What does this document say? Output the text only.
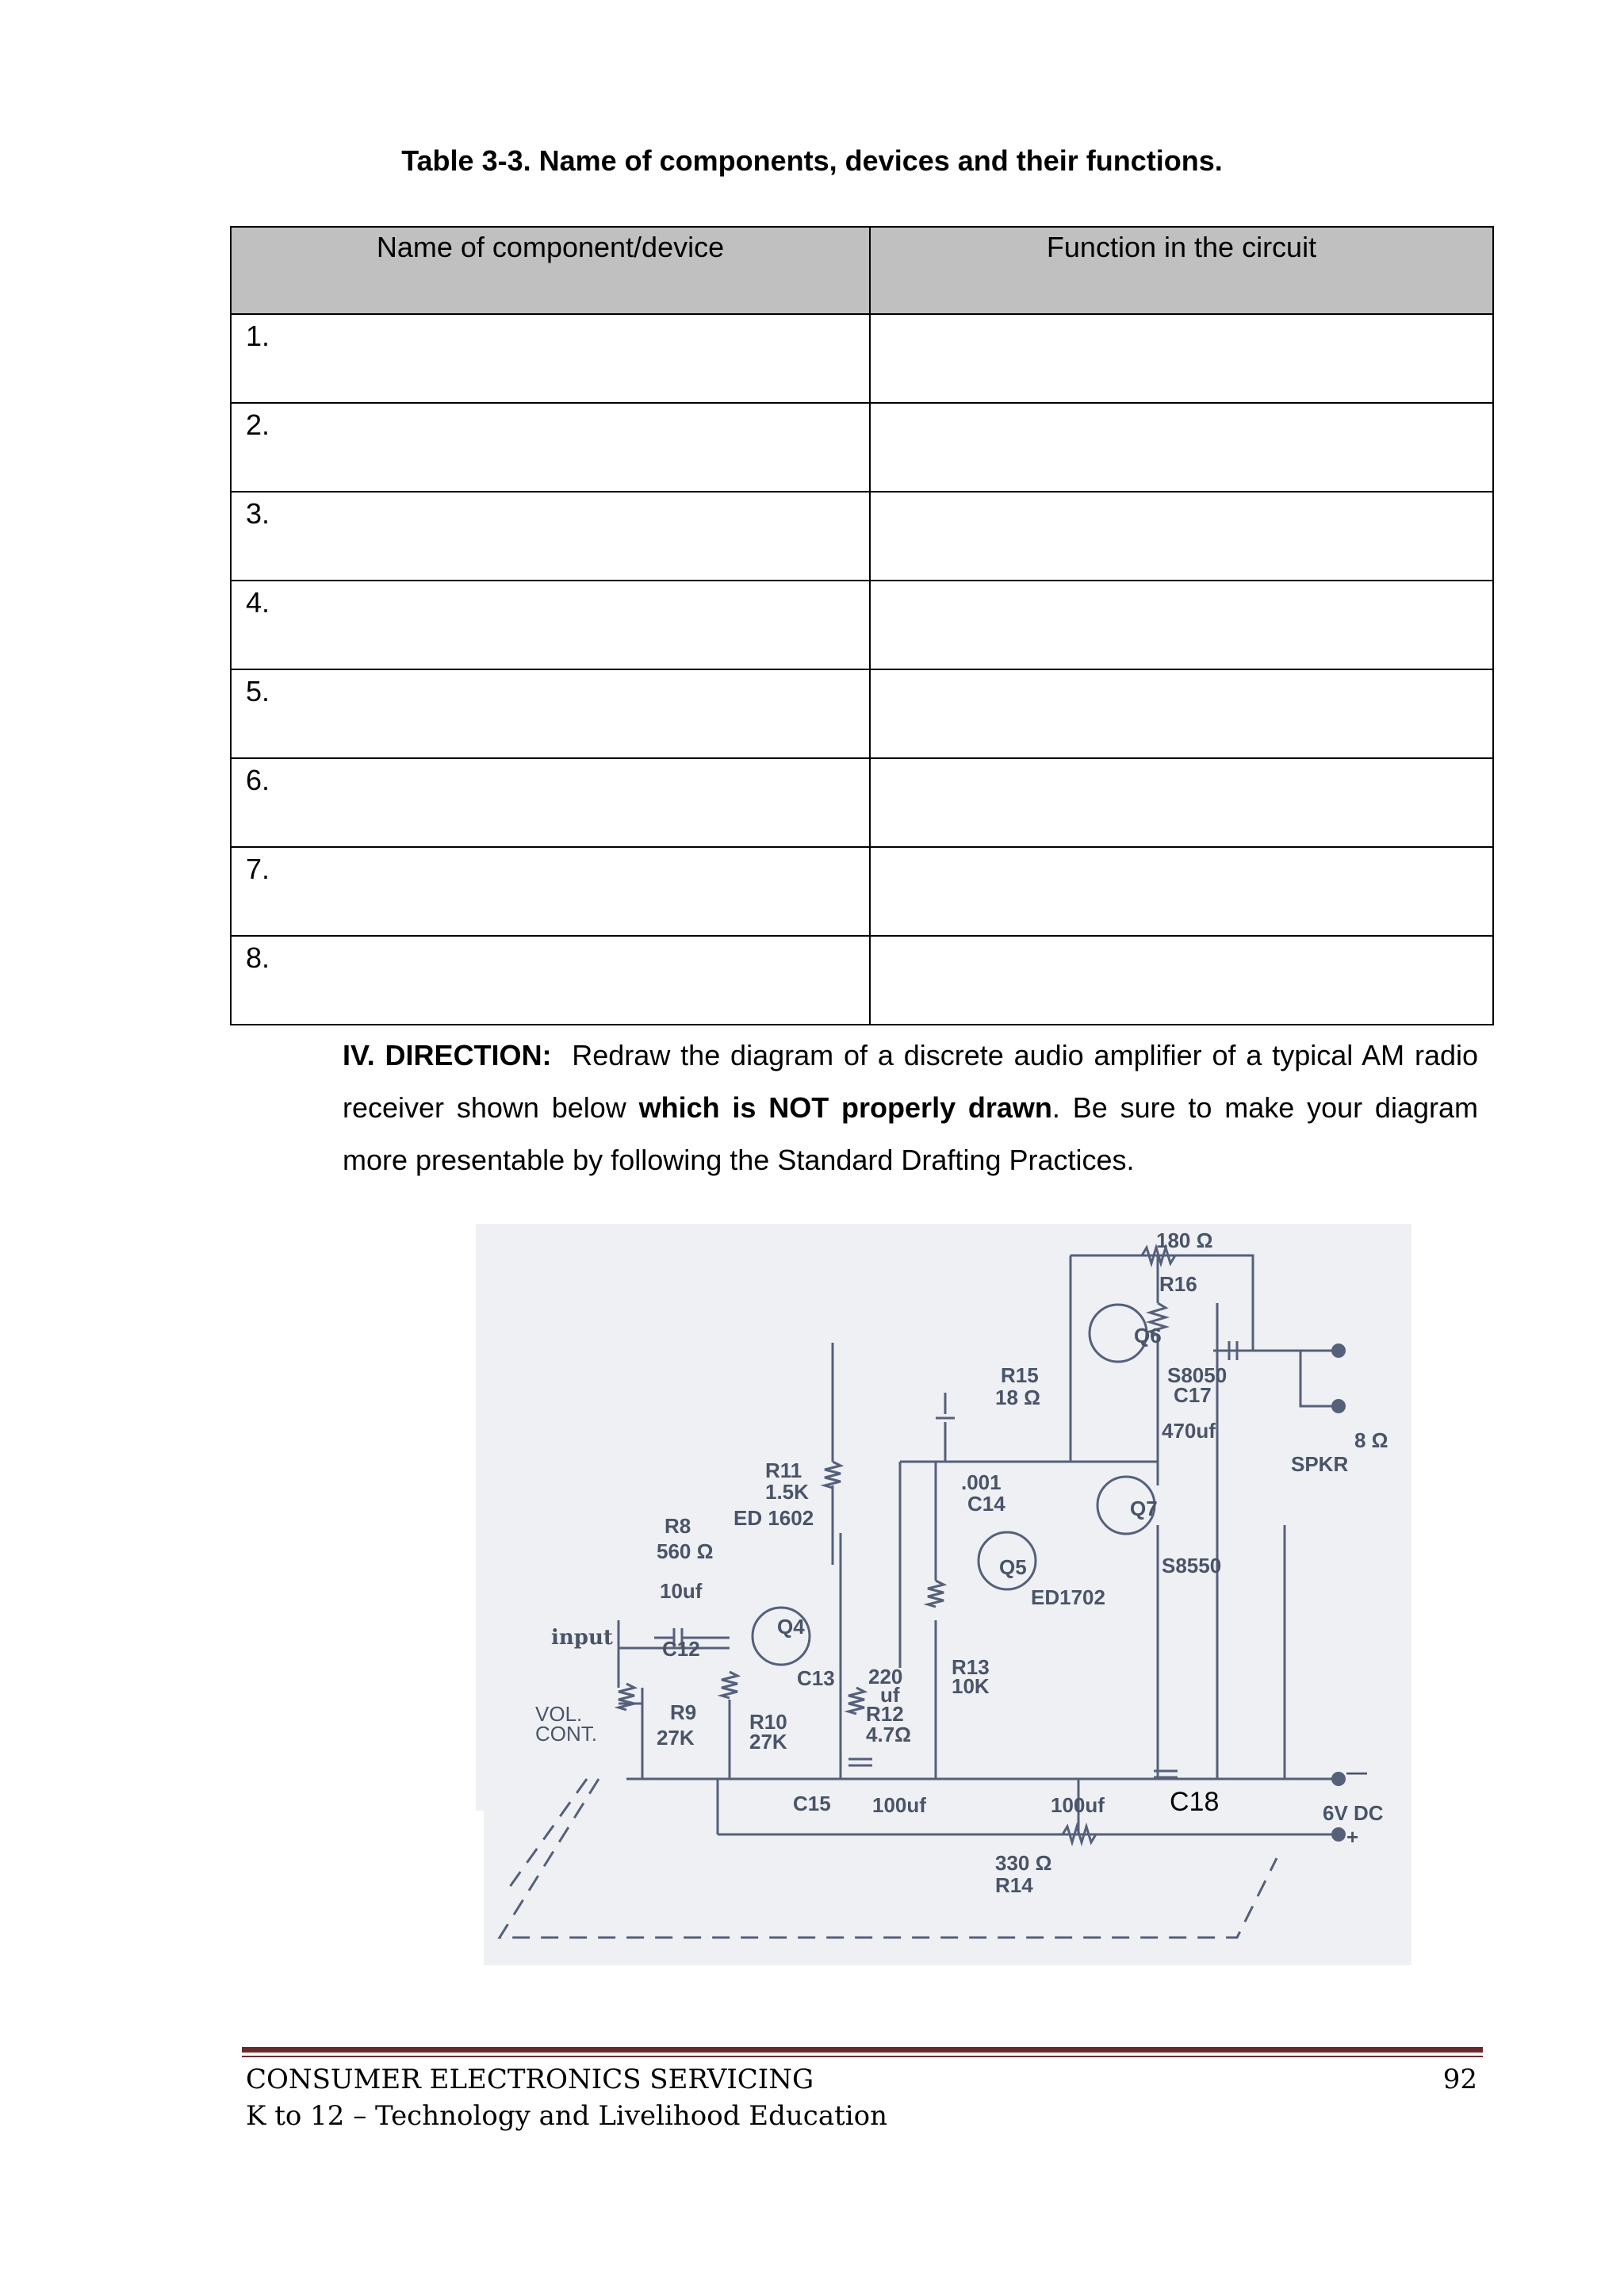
Table 3-3. Name of components, devices and their functions.
Name of component/device	Function in the circuit
1.	
2.	
3.	
4.	
5.	
6.	
7.	
8.	
IV. DIRECTION: Redraw the diagram of a discrete audio amplifier of a typical AM radio receiver shown below which is NOT properly drawn. Be sure to make your diagram more presentable by following the Standard Drafting Practices.
180 Ω
R16
Q6
S8050
C17
470uf
R15
18 Ω
8 Ω
SPKR
R11
1.5K
ED 1602
.001
C14
R8
560 Ω
Q5
Q7
S8550
ED1702
10uf
Q4
input C12
C13 220
uf
R13
10K
R9
27K
VOL.
CONT.	R10
27K
R12
4.7Ω
C15 100uf	100uf C18	6V DC
—
+
330 Ω
R14
CONSUMER ELECTRONICS SERVICING	92
K to 12 – Technology and Livelihood Education
